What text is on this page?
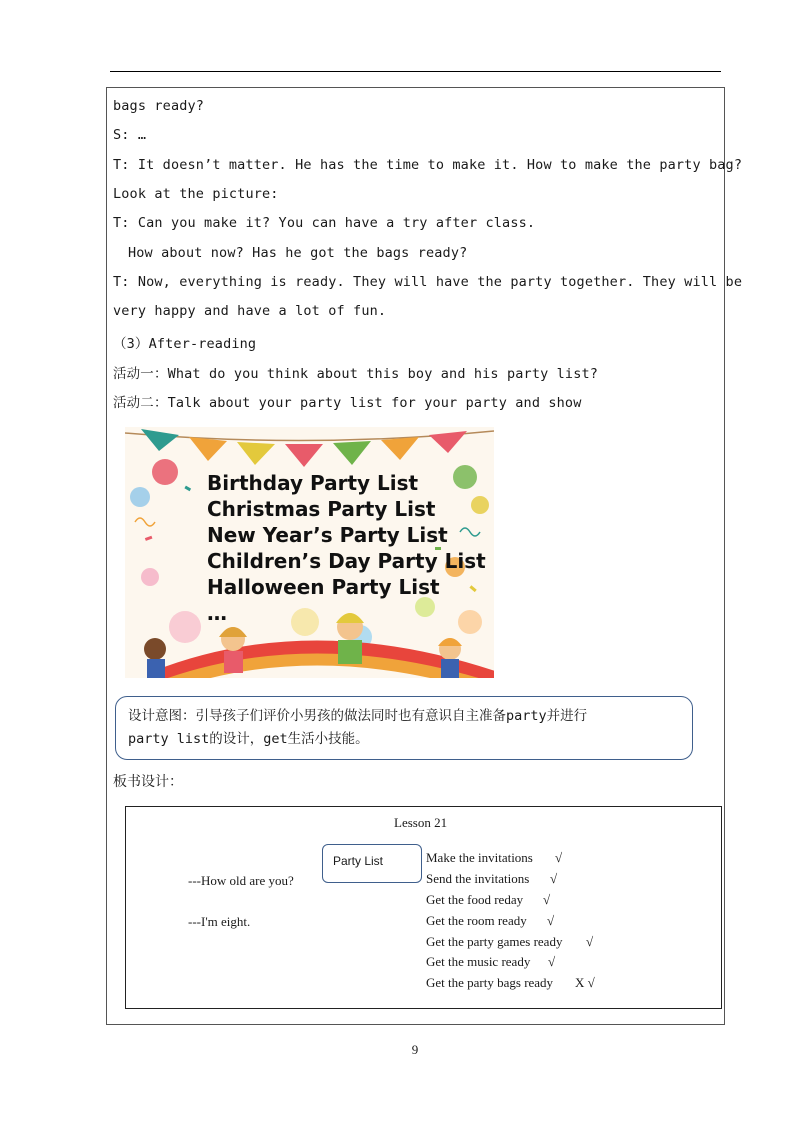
bags ready?
S: …
T: It doesn’t matter. He has the time to make it. How to make the party bag?
Look at the picture:
T: Can you make it? You can have a try after class.
How about now? Has he got the bags ready?
T: Now, everything is ready. They will have the party together. They will be
very happy and have a lot of fun.
（3）After-reading
活动一：What do you think about this boy and his party list?
活动二：Talk about your party list for your party and show
Birthday Party List
Christmas Party List
New Year’s Party List
Children’s Day Party List
Halloween Party List
…
设计意图：引导孩子们评价小男孩的做法同时也有意识自主准备party并进行
party list的设计，get生活小技能。
板书设计：
Lesson 21
---How old are you?
---I'm eight.
Party List	Make the invitations √
Send the invitations √
Get the food reday √
Get the room ready √
Get the party games ready √
Get the music ready √
Get the party bags ready X √
9
